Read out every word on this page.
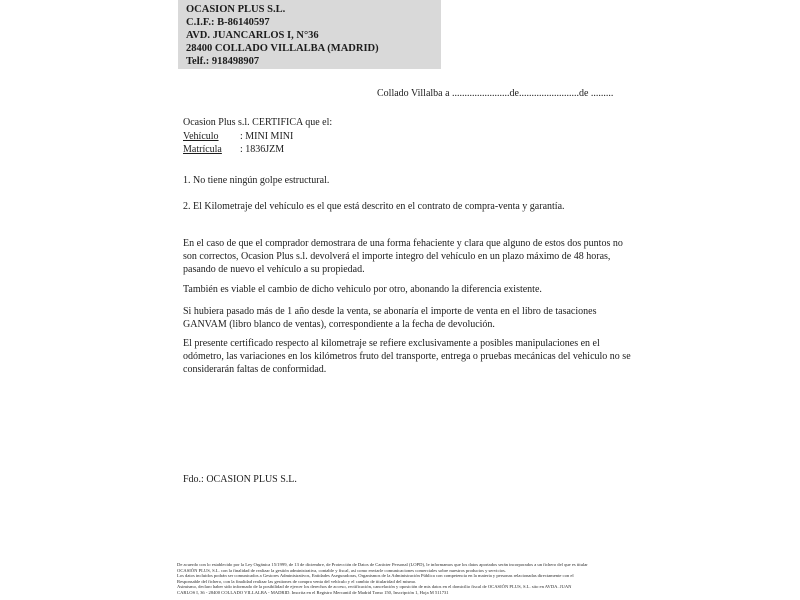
OCASION PLUS S.L.
C.I.F.: B-86140597
AVD. JUANCARLOS I, N°36
28400 COLLADO VILLALBA (MADRID)
Telf.: 918498907
Collado Villalba a .......................de........................de .........
Ocasion Plus s.l. CERTIFICA que el:
Vehículo : MINI MINI
Matrícula : 1836JZM
1. No tiene ningún golpe estructural.
2. El Kilometraje del vehículo es el que está descrito en el contrato de compra-venta y garantía.
En el caso de que el comprador demostrara de una forma fehaciente y clara que alguno de estos dos puntos no son correctos, Ocasion Plus s.l. devolverá el importe integro del vehículo en un plazo máximo de 48 horas, pasando de nuevo el vehículo a su propiedad.
También es viable el cambio de dicho vehiculo por otro, abonando la diferencia existente.
Si hubiera pasado más de 1 año desde la venta, se abonaría el importe de venta en el libro de tasaciones GANVAM (libro blanco de ventas), correspondiente a la fecha de devolución.
El presente certificado respecto al kilometraje se refiere exclusivamente a posibles manipulaciones en el odómetro, las variaciones en los kilómetros fruto del transporte, entrega o pruebas mecánicas del vehiculo no se considerarán faltas de conformidad.
Fdo.: OCASION PLUS S.L.
De acuerdo con lo establecido por la Ley Orgánica 15/1999, de 13 de diciembre, de Protección de Datos de Carácter Personal (LOPD), le informamos que los datos aportados serán incorporados a un fichero del que es titular
OCASIÓN PLUS, S.L. con la finalidad de realizar la gestión administrativa, contable y fiscal, así como enviarle comunicaciones comerciales sobre nuestros productos y servicios.
Los datos incluidos podrán ser comunicados a Gestores Administrativos, Entidades Aseguradoras, Organismos de la Administración Pública con competencia en la materia y personas relacionadas directamente con el
Responsable del fichero, con la finalidad realizar las gestiones de compra venta del vehículo y el cambio de titularidad del mismo.
Asimismo, declaro haber sido informado de la posibilidad de ejercer los derechos de acceso, rectificación, cancelación y oposición de mis datos en el domicilio fiscal de OCASIÓN PLUS, S.L. sito en AVDA. JUAN
CARLOS I, 36 - 28400 COLLADO VILLALBA - MADRID. Inscrita en el Registro Mercantil de Madrid Tomo 150, Inscripción 1, Hoja M 511731
